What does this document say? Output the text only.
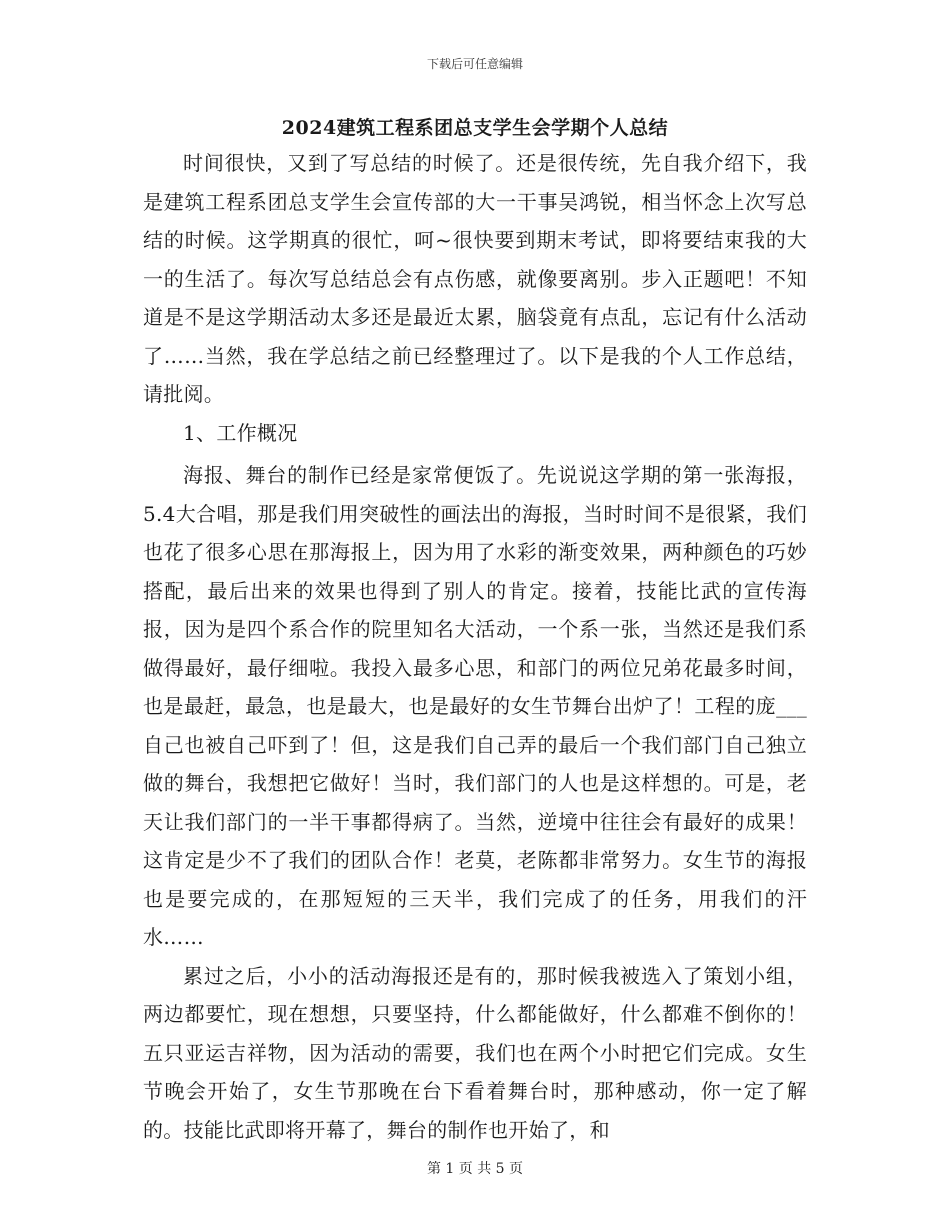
下载后可任意编辑
2024建筑工程系团总支学生会学期个人总结

时间很快，又到了写总结的时候了。还是很传统，先自我介绍下，我是建筑工程系团总支学生会宣传部的大一干事吴鸿锐，相当怀念上次写总结的时候。这学期真的很忙，呵~很快要到期末考试，即将要结束我的大一的生活了。每次写总结总会有点伤感，就像要离别。步入正题吧！不知道是不是这学期活动太多还是最近太累，脑袋竟有点乱，忘记有什么活动了……当然，我在学总结之前已经整理过了。以下是我的个人工作总结，请批阅。

1、工作概况

海报、舞台的制作已经是家常便饭了。先说说这学期的第一张海报，5.4大合唱，那是我们用突破性的画法出的海报，当时时间不是很紧，我们也花了很多心思在那海报上，因为用了水彩的渐变效果，两种颜色的巧妙搭配，最后出来的效果也得到了别人的肯定。接着，技能比武的宣传海报，因为是四个系合作的院里知名大活动，一个系一张，当然还是我们系做得最好，最仔细啦。我投入最多心思，和部门的两位兄弟花最多时间，也是最赶，最急，也是最大，也是最好的女生节舞台出炉了！工程的庞___自己也被自己吓到了！但，这是我们自己弄的最后一个我们部门自己独立做的舞台，我想把它做好！当时，我们部门的人也是这样想的。可是，老天让我们部门的一半干事都得病了。当然，逆境中往往会有最好的成果！这肯定是少不了我们的团队合作！老莫，老陈都非常努力。女生节的海报也是要完成的，在那短短的三天半，我们完成了的任务，用我们的汗水……

累过之后，小小的活动海报还是有的，那时候我被选入了策划小组，两边都要忙，现在想想，只要坚持，什么都能做好，什么都难不倒你的！五只亚运吉祥物，因为活动的需要，我们也在两个小时把它们完成。女生节晚会开始了，女生节那晚在台下看着舞台时，那种感动，你一定了解的。技能比武即将开幕了，舞台的制作也开始了，和

第 1 页 共 5 页
